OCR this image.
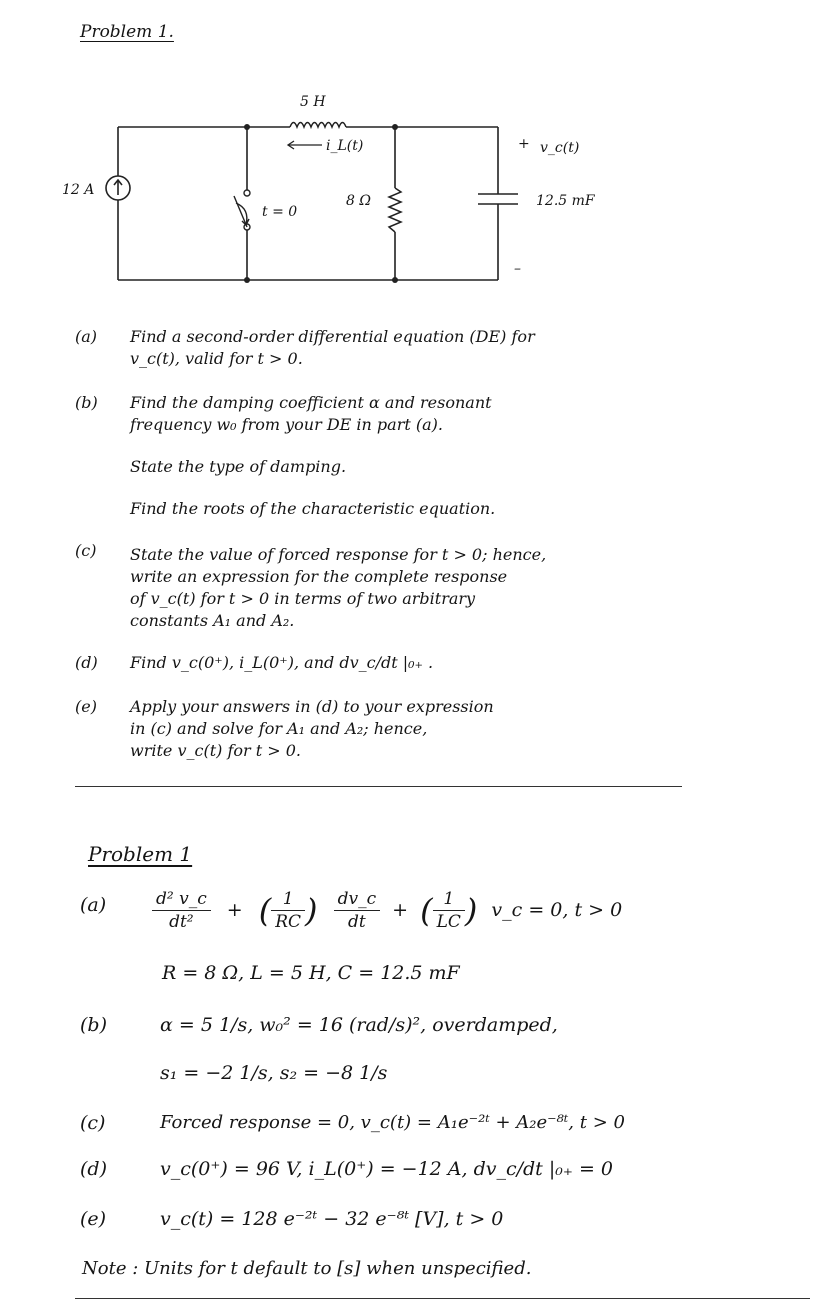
Problem 1.
5 H
i_L(t)
12 A
t = 0
8 Ω	12.5 mF
+ v_c(t)
–
(a) Find a second-order differential equation (DE) for
v_c(t), valid for t > 0.
(b) Find the damping coefficient α and resonant
frequency w₀ from your DE in part (a).
State the type of damping.
Find the roots of the characteristic equation.
(c) State the value of forced response for t > 0; hence,
write an expression for the complete response
of v_c(t) for t > 0 in terms of two arbitrary
constants A₁ and A₂.
(d) Find v_c(0⁺), i_L(0⁺), and dv_c/dt |₀₊ .
(e) Apply your answers in (d) to your expression
in (c) and solve for A₁ and A₂; hence,
write v_c(t) for t > 0.
Problem 1
(a)	$\frac{\text{d² v\_c}}{\text{dt²}}$ + ( $\frac{1}{RC}$ ) $\frac{dv\_c}{dt}$ + ( $\frac{1}{LC}$ ) v_c = 0, t > 0
R = 8 Ω, L = 5 H, C = 12.5 mF
(b)	α = 5 1/s, w₀² = 16 (rad/s)², overdamped,
s₁ = −2 1/s, s₂ = −8 1/s
(c)	Forced response = 0, v_c(t) = A₁e⁻²ᵗ + A₂e⁻⁸ᵗ, t > 0
(d)	v_c(0⁺) = 96 V, i_L(0⁺) = −12 A, dv_c/dt |₀₊ = 0
(e)	v_c(t) = 128 e⁻²ᵗ − 32 e⁻⁸ᵗ [V], t > 0
Note : Units for t default to [s] when unspecified.
